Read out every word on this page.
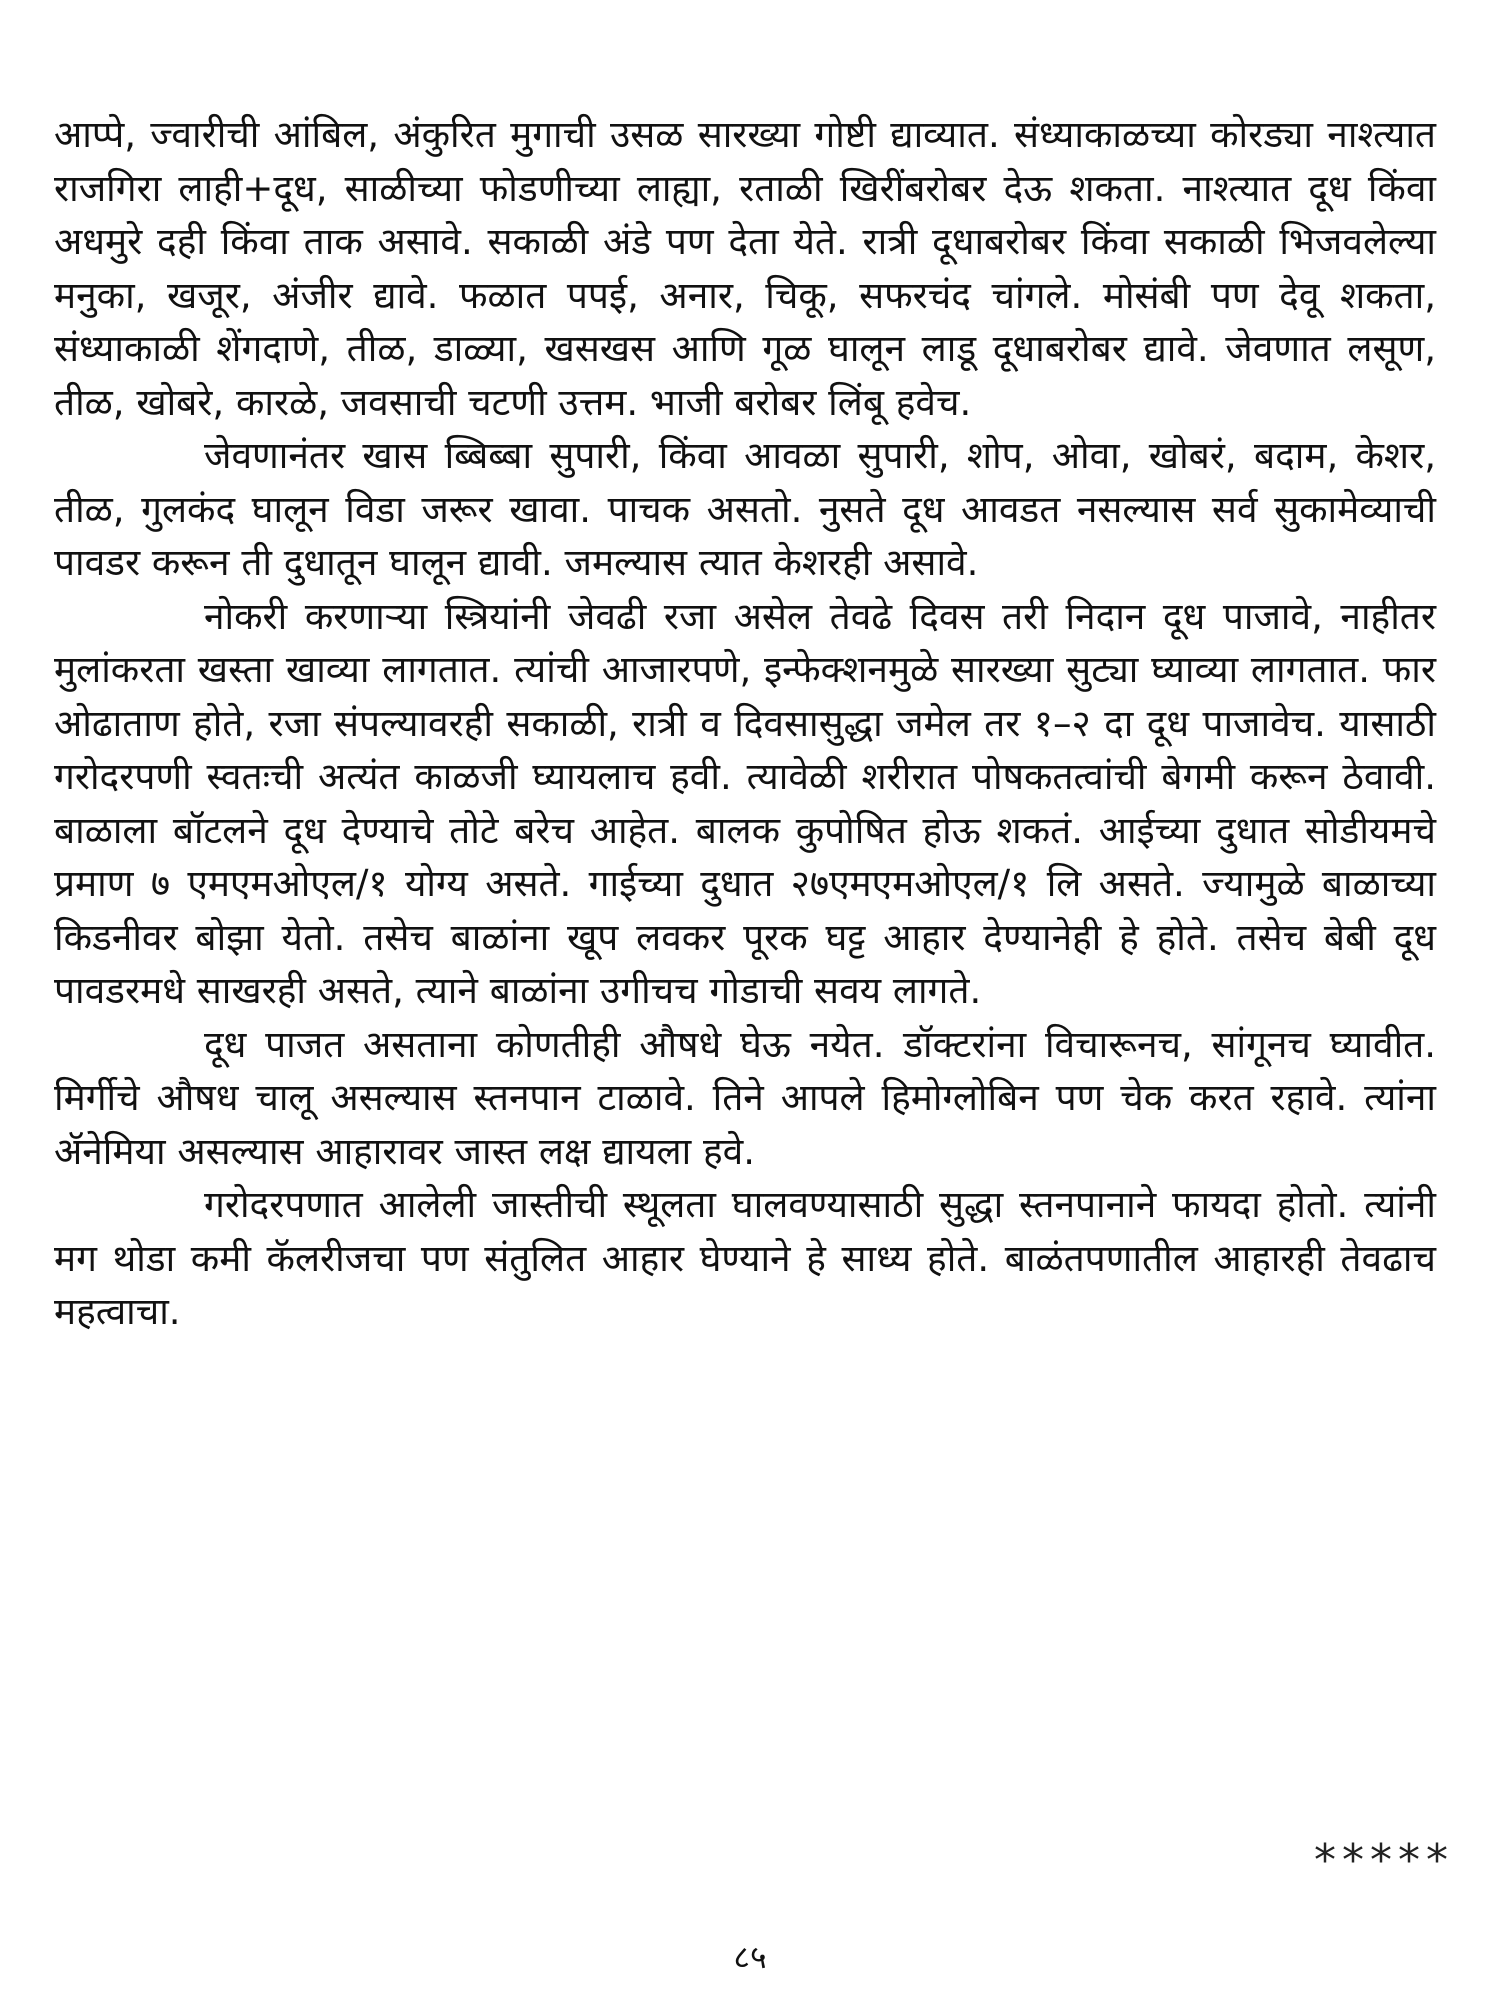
आप्पे, ज्वारीची आंबिल, अंकुरित मुगाची उसळ सारख्या गोष्टी द्याव्यात. संध्याकाळच्या कोरड्या नाश्त्यात राजगिरा लाही+दूध, साळीच्या फोडणीच्या लाह्या, रताळी खिरींबरोबर देऊ शकता. नाश्त्यात दूध किंवा अधमुरे दही किंवा ताक असावे. सकाळी अंडे पण देता येते. रात्री दूधाबरोबर किंवा सकाळी भिजवलेल्या मनुका, खजूर, अंजीर द्यावे. फळात पपई, अनार, चिकू, सफरचंद चांगले. मोसंबी पण देवू शकता, संध्याकाळी शेंगदाणे, तीळ, डाळ्या, खसखस आणि गूळ घालून लाडू दूधाबरोबर द्यावे. जेवणात लसूण, तीळ, खोबरे, कारळे, जवसाची चटणी उत्तम. भाजी बरोबर लिंबू हवेच.

जेवणानंतर खास ब्बिब्बा सुपारी, किंवा आवळा सुपारी, शोप, ओवा, खोबरं, बदाम, केशर, तीळ, गुलकंद घालून विडा जरूर खावा. पाचक असतो. नुसते दूध आवडत नसल्यास सर्व सुकामेव्याची पावडर करून ती दुधातून घालून द्यावी. जमल्यास त्यात केशरही असावे.

नोकरी करणाऱ्या स्त्रियांनी जेवढी रजा असेल तेवढे दिवस तरी निदान दूध पाजावे, नाहीतर मुलांकरता खस्ता खाव्या लागतात. त्यांची आजारपणे, इन्फेक्शनमुळे सारख्या सुट्या घ्याव्या लागतात. फार ओढाताण होते, रजा संपल्यावरही सकाळी, रात्री व दिवसासुद्धा जमेल तर १–२ दा दूध पाजावेच. यासाठी गरोदरपणी स्वतःची अत्यंत काळजी घ्यायलाच हवी. त्यावेळी शरीरात पोषकतत्वांची बेगमी करून ठेवावी. बाळाला बॉटलने दूध देण्याचे तोटे बरेच आहेत. बालक कुपोषित होऊ शकतं. आईच्या दुधात सोडीयमचे प्रमाण ७ एमएमओएल/१ योग्य असते. गाईच्या दुधात २७एमएमओएल/१ लि असते. ज्यामुळे बाळाच्या किडनीवर बोझा येतो. तसेच बाळांना खूप लवकर पूरक घट्ट आहार देण्यानेही हे होते. तसेच बेबी दूध पावडरमधे साखरही असते, त्याने बाळांना उगीचच गोडाची सवय लागते.

दूध पाजत असताना कोणतीही औषधे घेऊ नयेत. डॉक्टरांना विचारूनच, सांगूनच घ्यावीत. मिर्गीचे औषध चालू असल्यास स्तनपान टाळावे. तिने आपले हिमोग्लोबिन पण चेक करत रहावे. त्यांना ॲनेमिया असल्यास आहारावर जास्त लक्ष द्यायला हवे.

गरोदरपणात आलेली जास्तीची स्थूलता घालवण्यासाठी सुद्धा स्तनपानाने फायदा होतो. त्यांनी मग थोडा कमी कॅलरीजचा पण संतुलित आहार घेण्याने हे साध्य होते. बाळंतपणातील आहारही तेवढाच महत्वाचा.

*****
८५
